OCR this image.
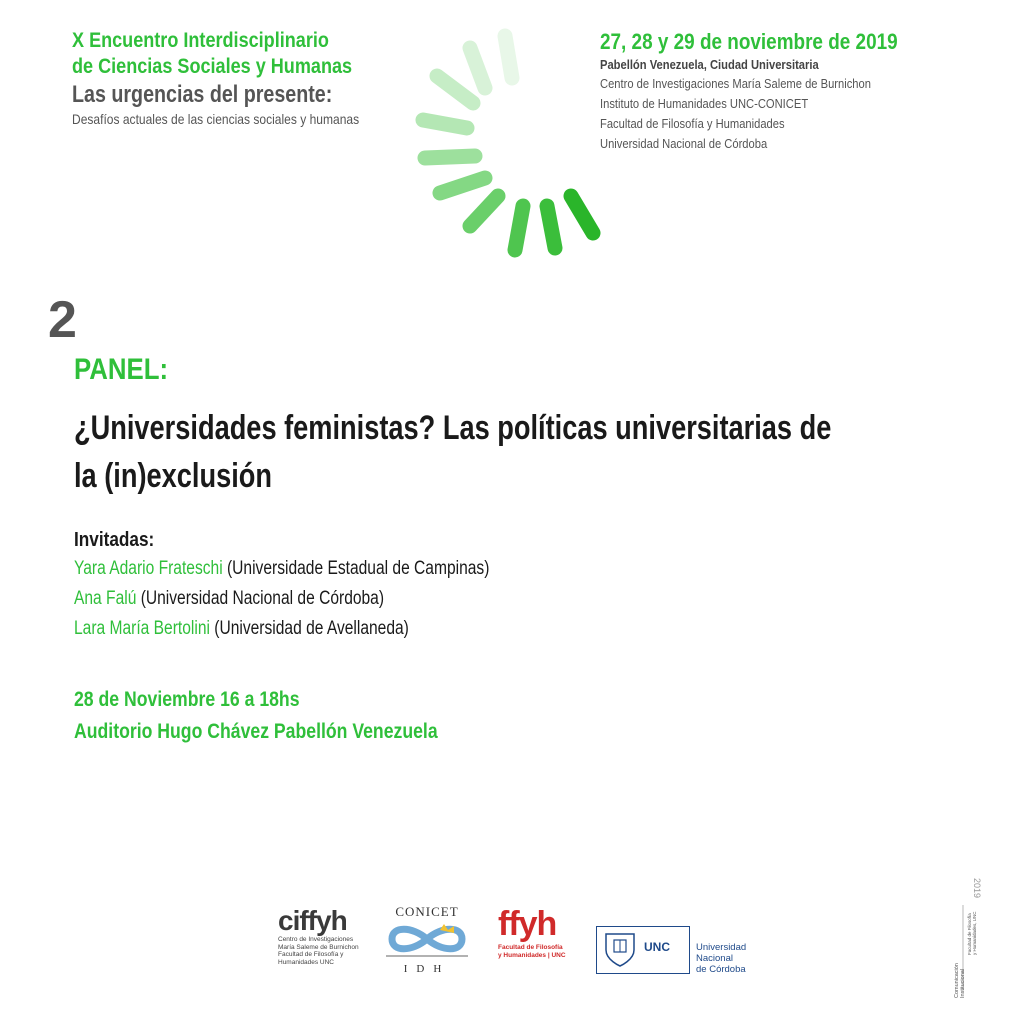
X Encuentro Interdisciplinario
de Ciencias Sociales y Humanas
Las urgencias del presente:
Desafíos actuales de las ciencias sociales y humanas
27, 28 y 29 de noviembre de 2019
Pabellón Venezuela, Ciudad Universitaria
Centro de Investigaciones María Saleme de Burnichon
Instituto de Humanidades UNC-CONICET
Facultad de Filosofía y Humanidades
Universidad Nacional de Córdoba
2
PANEL:
¿Universidades feministas? Las políticas universitarias de
la (in)exclusión
Invitadas:
Yara Adario Frateschi (Universidade Estadual de Campinas)
Ana Falú (Universidad Nacional de Córdoba)
Lara María Bertolini (Universidad de Avellaneda)
28 de Noviembre 16 a 18hs
Auditorio Hugo Chávez Pabellón Venezuela
ciffyh
Centro de Investigaciones
María Saleme de Burnichon
Facultad de Filosofía y Humanidades UNC
CONICET
IDH
ffyh
Facultad de Filosofía
y Humanidades | UNC
UNC	Universidad
Nacional
de Córdoba
2019
Comunicación Institucional
Facultad de Filosofía y Humanidades, UNC
